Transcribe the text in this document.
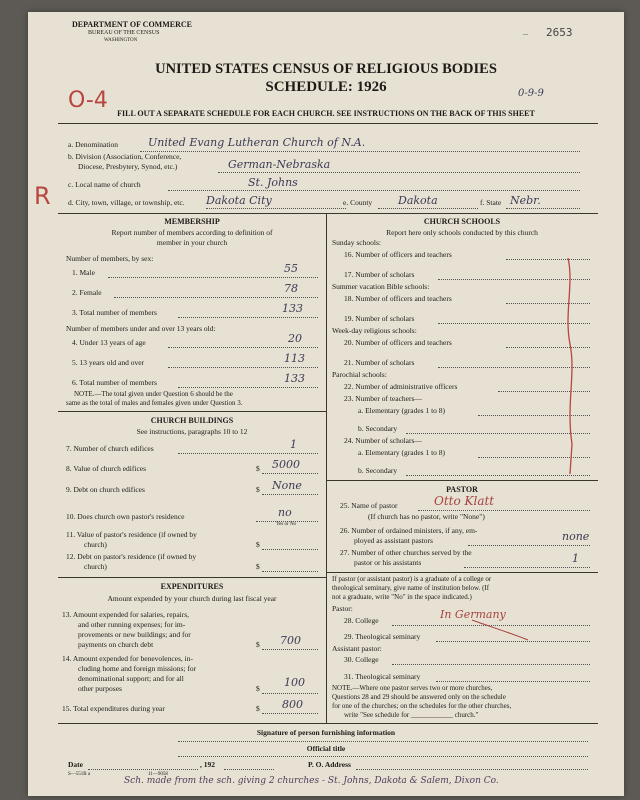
DEPARTMENT OF COMMERCE
BUREAU OF THE CENSUS
WASHINGTON
2653
–
UNITED STATES CENSUS OF RELIGIOUS BODIES
SCHEDULE: 1926
O-4	0-9-9
FILL OUT A SEPARATE SCHEDULE FOR EACH CHURCH. SEE INSTRUCTIONS ON THE BACK OF THIS SHEET
R
a. Denomination	United Evang Lutheran Church of N.A.
b. Division (Association, Conference,
Diocese, Presbytery, Synod, etc.)	German-Nebraska
c. Local name of church	St. Johns
d. City, town, village, or township, etc. Dakota City	e. County Dakota	f. State Nebr.
MEMBERSHIP
Report number of members according to definition of
member in your church
Number of members, by sex:
1. Male	55
2. Female	78
3. Total number of members	133
Number of members under and over 13 years old:
4. Under 13 years of age	20
5. 13 years old and over	113
6. Total number of members	133
NOTE.—The total given under Question 6 should be the
same as the total of males and females given under Question 3.
CHURCH BUILDINGS
See instructions, paragraphs 10 to 12
7. Number of church edifices	1
8. Value of church edifices	$ 5000
9. Debt on church edifices	$ None
10. Does church own pastor's residence	no
Yes or No
11. Value of pastor's residence (if owned by
church)	$
12. Debt on pastor's residence (if owned by
church)	$
EXPENDITURES
Amount expended by your church during last fiscal year
13. Amount expended for salaries, repairs,
and other running expenses; for im-
provements or new buildings; and for
payments on church debt	$ 700
14. Amount expended for benevolences, in-
cluding home and foreign missions; for
denominational support; and for all
other purposes	$ 100
15. Total expenditures during year	$ 800
CHURCH SCHOOLS
Report here only schools conducted by this church
Sunday schools:
16. Number of officers and teachers
17. Number of scholars
Summer vacation Bible schools:
18. Number of officers and teachers
19. Number of scholars
Week-day religious schools:
20. Number of officers and teachers
21. Number of scholars
Parochial schools:
22. Number of administrative officers
23. Number of teachers—
a. Elementary (grades 1 to 8)
b. Secondary
24. Number of scholars—
a. Elementary (grades 1 to 8)
b. Secondary
PASTOR
25. Name of pastor	Otto Klatt
(If church has no pastor, write "None")
26. Number of ordained ministers, if any, em-
ployed as assistant pastors	none
27. Number of other churches served by the
pastor or his assistants	1
If pastor (or assistant pastor) is a graduate of a college or
theological seminary, give name of institution below. (If
not a graduate, write "No" in the space indicated.)
Pastor:
28. College	In Germany
29. Theological seminary
Assistant pastor:
30. College
31. Theological seminary
NOTE.—Where one pastor serves two or more churches,
Questions 28 and 29 should be answered only on the schedule
for one of the churches; on the schedules for the other churches,
write "See schedule for ____________ church."
Signature of person furnishing information
Official title
Date	, 192	P. O. Address
S—551B a	11—9058
Sch. made from the sch. giving 2 churches - St. Johns, Dakota & Salem, Dixon Co.
